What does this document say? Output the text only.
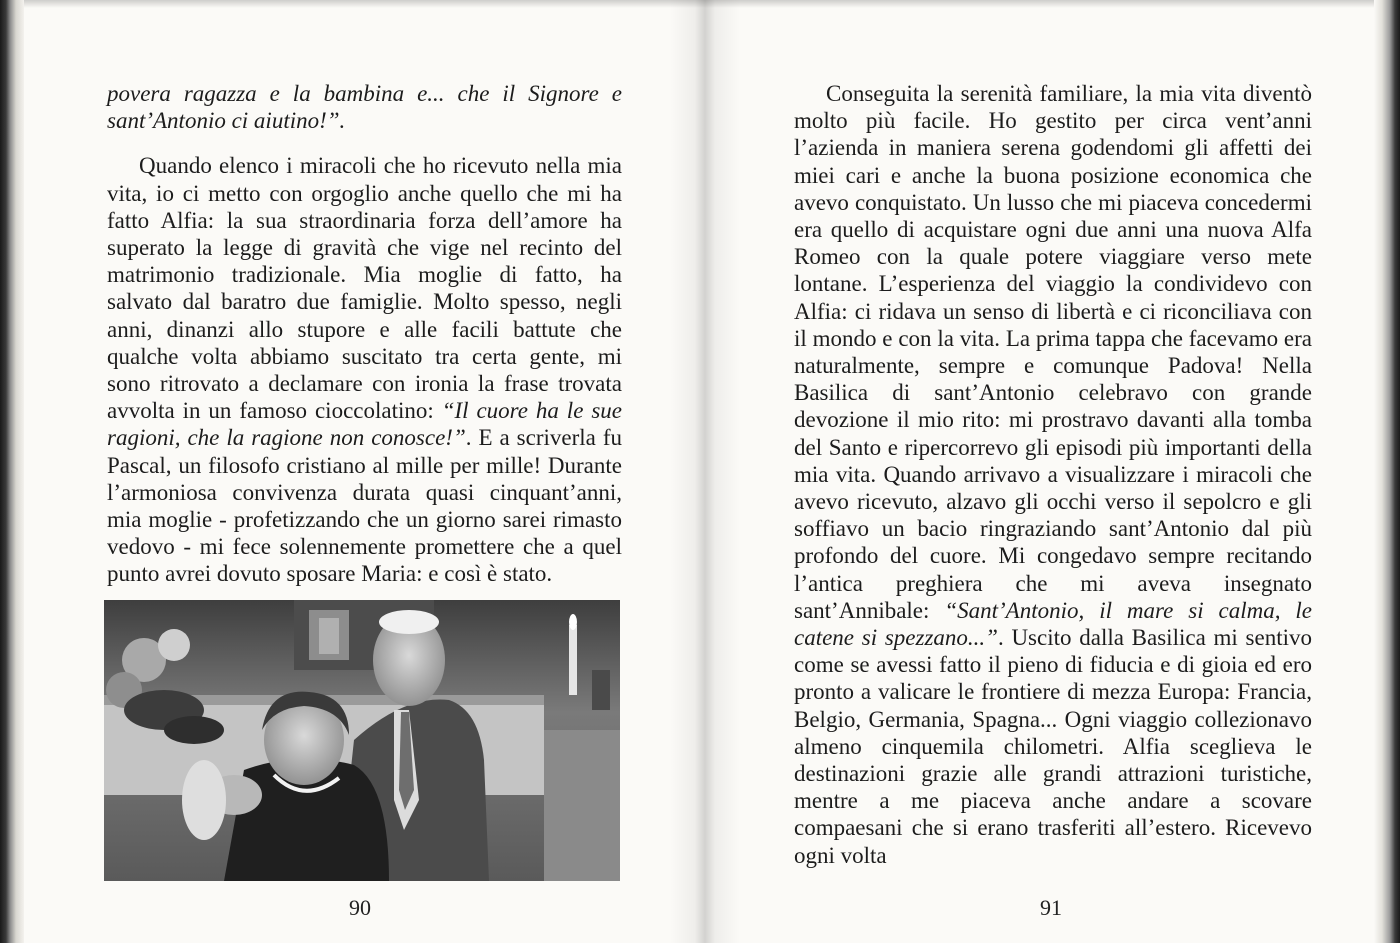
povera ragazza e la bambina e... che il Signore e sant’Antonio ci aiutino!”.

Quando elenco i miracoli che ho ricevuto nella mia vita, io ci metto con orgoglio anche quello che mi ha fatto Alfia: la sua straordinaria forza dell’amore ha superato la legge di gravità che vige nel recinto del matrimonio tradizionale. Mia moglie di fatto, ha salvato dal baratro due famiglie. Molto spesso, negli anni, dinanzi allo stupore e alle facili battute che qualche volta abbiamo suscitato tra certa gente, mi sono ritrovato a declamare con ironia la frase trovata avvolta in un famoso cioccolatino: “Il cuore ha le sue ragioni, che la ragione non conosce!”. E a scriverla fu Pascal, un filosofo cristiano al mille per mille! Durante l’armoniosa convivenza durata quasi cinquant’anni, mia moglie - profetizzando che un giorno sarei rimasto vedovo - mi fece solennemente promettere che a quel punto avrei dovuto sposare Maria: e così è stato.

90

Conseguita la serenità familiare, la mia vita diventò molto più facile. Ho gestito per circa vent’anni l’azienda in maniera serena godendomi gli affetti dei miei cari e anche la buona posizione economica che avevo conquistato. Un lusso che mi piaceva concedermi era quello di acquistare ogni due anni una nuova Alfa Romeo con la quale potere viaggiare verso mete lontane. L’esperienza del viaggio la condividevo con Alfia: ci ridava un senso di libertà e ci riconciliava con il mondo e con la vita. La prima tappa che facevamo era naturalmente, sempre e comunque Padova! Nella Basilica di sant’Antonio celebravo con grande devozione il mio rito: mi prostravo davanti alla tomba del Santo e ripercorrevo gli episodi più importanti della mia vita. Quando arrivavo a visualizzare i miracoli che avevo ricevuto, alzavo gli occhi verso il sepolcro e gli soffiavo un bacio ringraziando sant’Antonio dal più profondo del cuore. Mi congedavo sempre recitando l’antica preghiera che mi aveva insegnato sant’Annibale: “Sant’Antonio, il mare si calma, le catene si spezzano...”. Uscito dalla Basilica mi sentivo come se avessi fatto il pieno di fiducia e di gioia ed ero pronto a valicare le frontiere di mezza Europa: Francia, Belgio, Germania, Spagna... Ogni viaggio collezionavo almeno cinquemila chilometri. Alfia sceglieva le destinazioni grazie alle grandi attrazioni turistiche, mentre a me piaceva anche andare a scovare compaesani che si erano trasferiti all’estero. Ricevevo ogni volta

91
